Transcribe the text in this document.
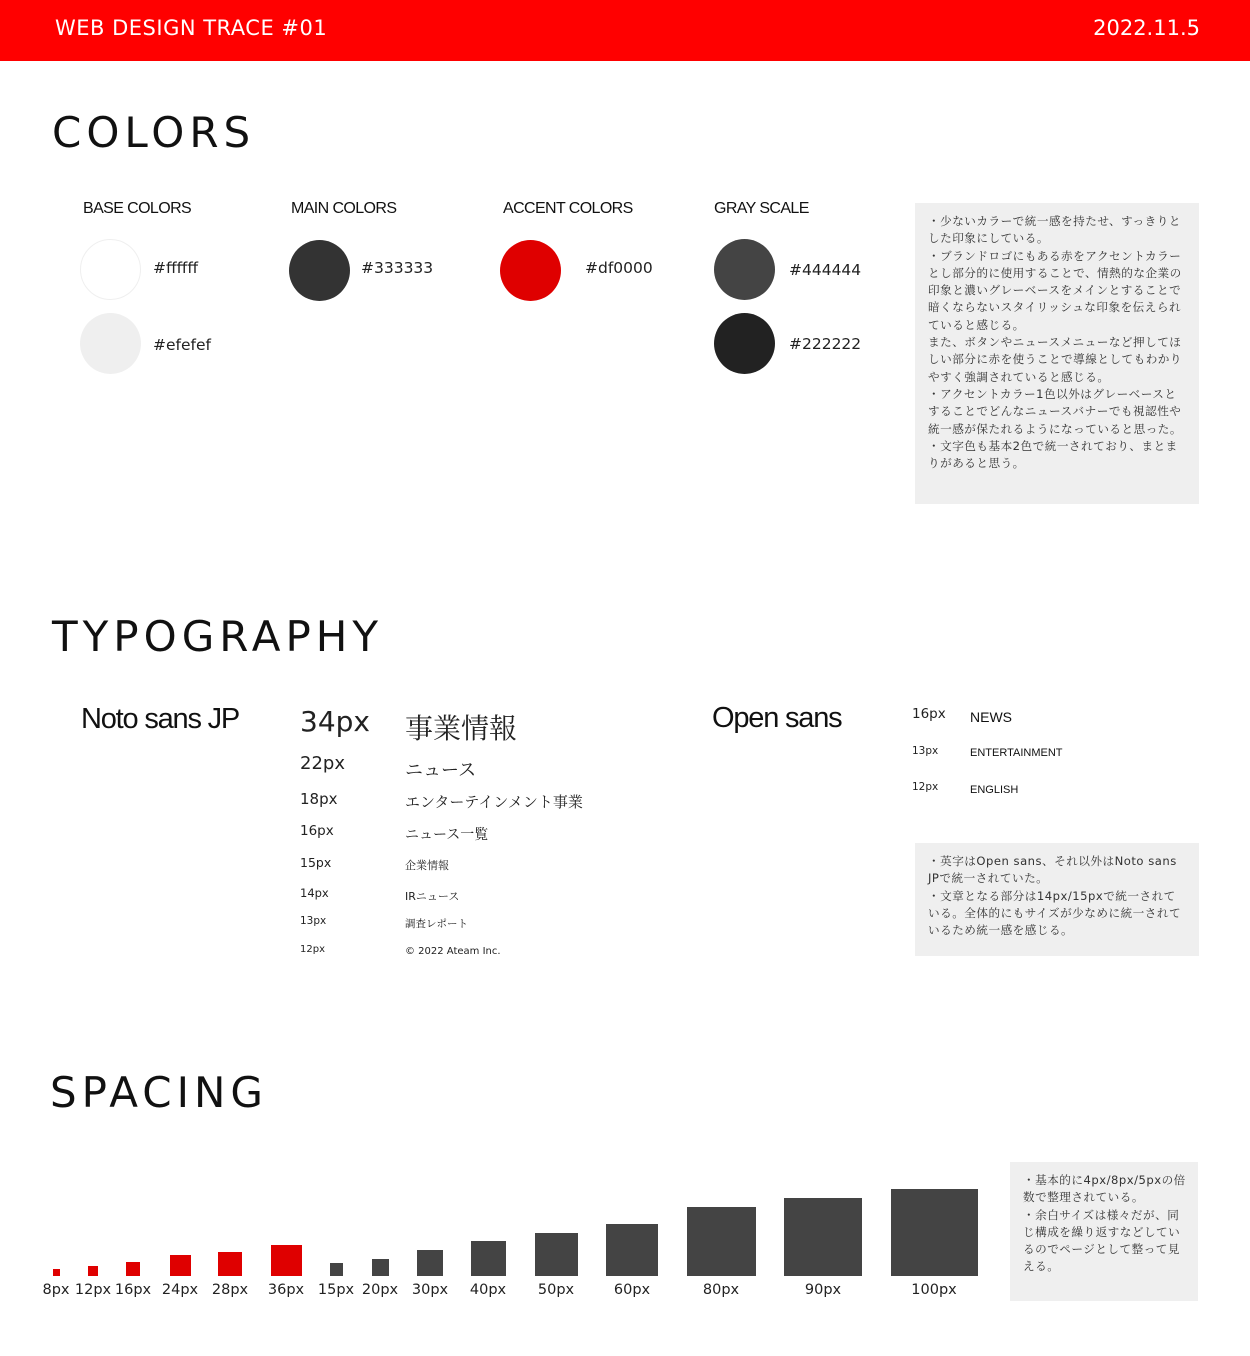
WEB DESIGN TRACE #01	2022.11.5
COLORS
BASE COLORS
#ffffff
#efefef
MAIN COLORS
#333333
ACCENT COLORS
#df0000
GRAY SCALE
#444444
#222222
・少ないカラーで統一感を持たせ、すっきりとした印象にしている。
・ブランドロゴにもある赤をアクセントカラーとし部分的に使用することで、情熱的な企業の印象と濃いグレーベースをメインとすることで暗くならないスタイリッシュな印象を伝えられていると感じる。
また、ボタンやニュースメニューなど押してほしい部分に赤を使うことで導線としてもわかりやすく強調されていると感じる。
・アクセントカラー1色以外はグレーベースとすることでどんなニュースバナーでも視認性や統一感が保たれるようになっていると思った。
・文字色も基本2色で統一されており、まとまりがあると思う。
TYPOGRAPHY
Noto sans JP 34px 事業情報
22px	ニュース
18px	エンターテインメント事業
16px	ニュース一覧
15px	企業情報
14px	IRニュース
13px	調査レポート
12px	© 2022 Ateam Inc.
Open sans	16px NEWS
13px	ENTERTAINMENT
12px	ENGLISH
・英字はOpen sans、それ以外はNoto sans JPで統一されていた。
・文章となる部分は14px/15pxで統一されている。全体的にもサイズが少なめに統一されているため統一感を感じる。
SPACING
8px 12px 16px 24px 28px 36px 15px 20px 30px 40px 50px	60px	80px	90px	100px
・基本的に4px/8px/5pxの倍数で整理されている。
・余白サイズは様々だが、同じ構成を繰り返すなどしているのでページとして整って見える。
